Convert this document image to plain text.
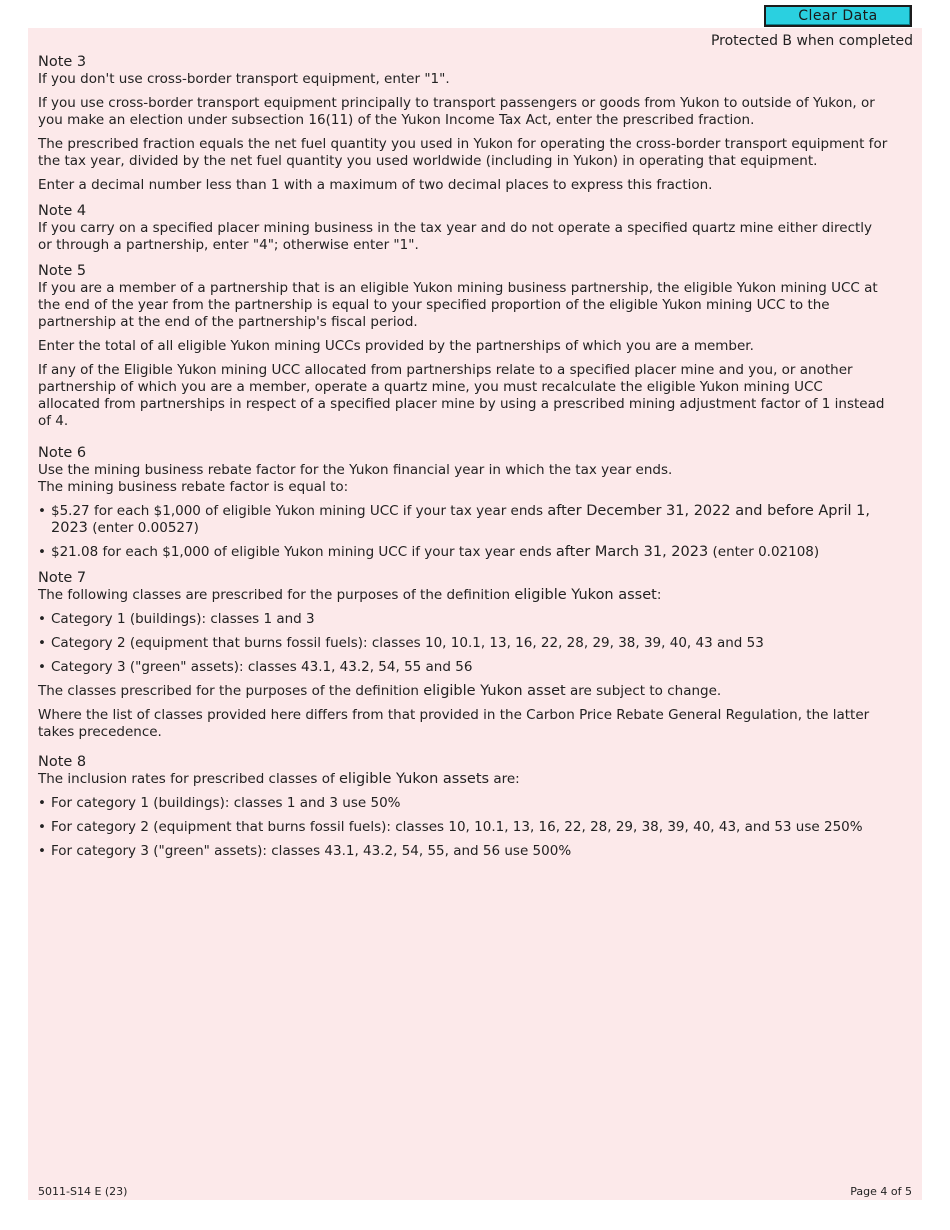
Clear Data
Protected B when completed
Note 3

If you don't use cross-border transport equipment, enter "1".

If you use cross-border transport equipment principally to transport passengers or goods from Yukon to outside of Yukon, or you make an election under subsection 16(11) of the Yukon Income Tax Act, enter the prescribed fraction.

The prescribed fraction equals the net fuel quantity you used in Yukon for operating the cross-border transport equipment for the tax year, divided by the net fuel quantity you used worldwide (including in Yukon) in operating that equipment.

Enter a decimal number less than 1 with a maximum of two decimal places to express this fraction.

Note 4

If you carry on a specified placer mining business in the tax year and do not operate a specified quartz mine either directly or through a partnership, enter "4"; otherwise enter "1".

Note 5

If you are a member of a partnership that is an eligible Yukon mining business partnership, the eligible Yukon mining UCC at the end of the year from the partnership is equal to your specified proportion of the eligible Yukon mining UCC to the partnership at the end of the partnership's fiscal period.

Enter the total of all eligible Yukon mining UCCs provided by the partnerships of which you are a member.

If any of the Eligible Yukon mining UCC allocated from partnerships relate to a specified placer mine and you, or another partnership of which you are a member, operate a quartz mine, you must recalculate the eligible Yukon mining UCC allocated from partnerships in respect of a specified placer mine by using a prescribed mining adjustment factor of 1 instead of 4.

Note 6

Use the mining business rebate factor for the Yukon financial year in which the tax year ends.

The mining business rebate factor is equal to:

• $5.27 for each $1,000 of eligible Yukon mining UCC if your tax year ends after December 31, 2022 and before April 1, 2023 (enter 0.00527)
• $21.08 for each $1,000 of eligible Yukon mining UCC if your tax year ends after March 31, 2023 (enter 0.02108)
Note 7

The following classes are prescribed for the purposes of the definition eligible Yukon asset:

• Category 1 (buildings): classes 1 and 3
• Category 2 (equipment that burns fossil fuels): classes 10, 10.1, 13, 16, 22, 28, 29, 38, 39, 40, 43 and 53
• Category 3 ("green" assets): classes 43.1, 43.2, 54, 55 and 56

The classes prescribed for the purposes of the definition eligible Yukon asset are subject to change.

Where the list of classes provided here differs from that provided in the Carbon Price Rebate General Regulation, the latter takes precedence.

Note 8

The inclusion rates for prescribed classes of eligible Yukon assets are:

• For category 1 (buildings): classes 1 and 3 use 50%
• For category 2 (equipment that burns fossil fuels): classes 10, 10.1, 13, 16, 22, 28, 29, 38, 39, 40, 43, and 53 use 250%
• For category 3 ("green" assets): classes 43.1, 43.2, 54, 55, and 56 use 500%
5011-S14 E (23)	Page 4 of 5
